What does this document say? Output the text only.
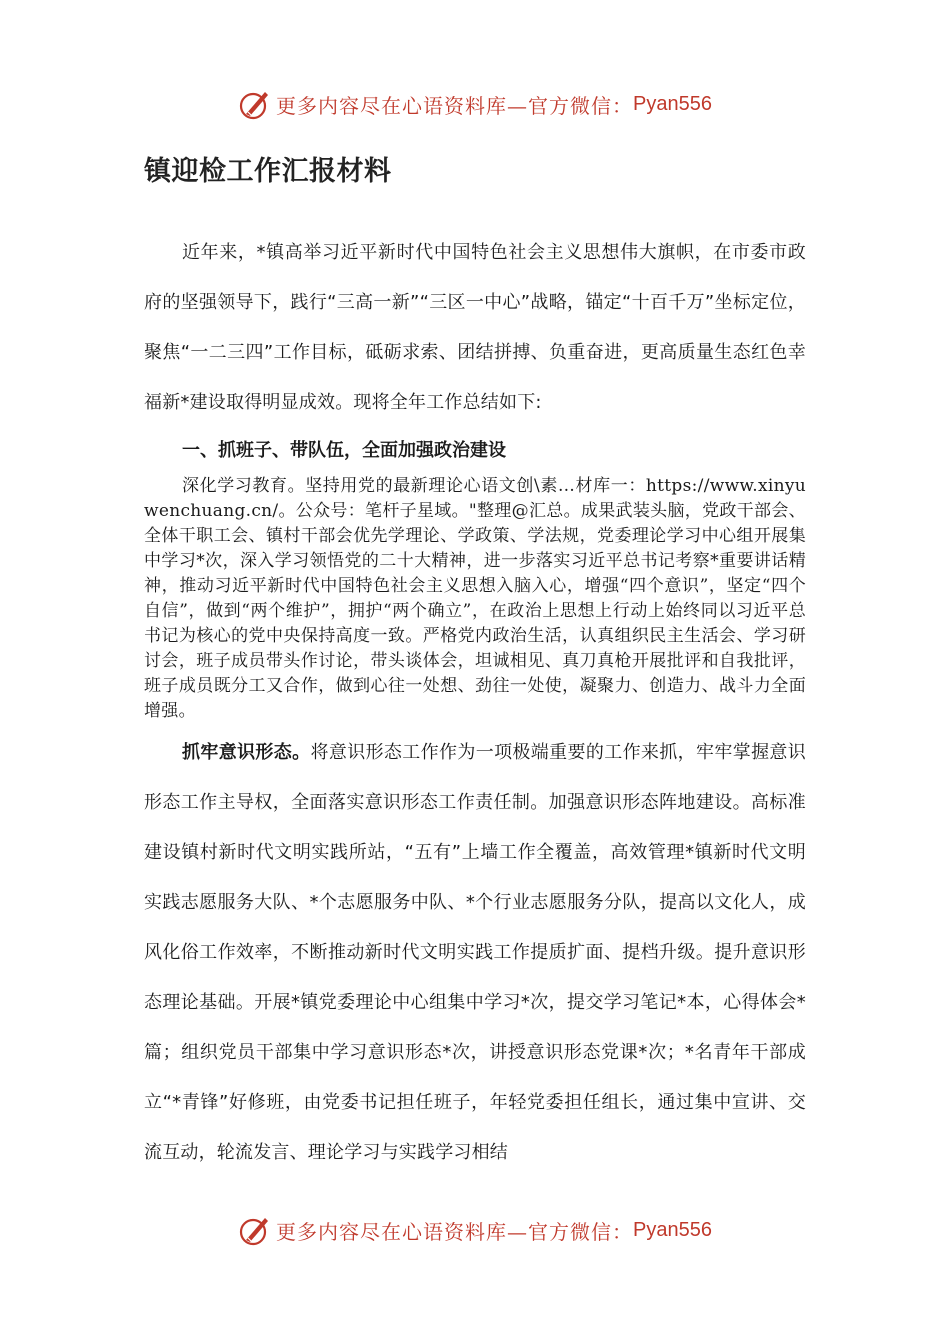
更多内容尽在心语资料库—官方微信： Pyan556
镇迎检工作汇报材料

近年来，*镇高举习近平新时代中国特色社会主义思想伟大旗帜，在市委市政府的坚强领导下，践行“三高一新”“三区一中心”战略，锚定“十百千万”坐标定位，聚焦“一二三四”工作目标，砥砺求索、团结拼搏、负重奋进，更高质量生态红色幸福新*建设取得明显成效。现将全年工作总结如下:

一、抓班子、带队伍，全面加强政治建设

深化学习教育。坚持用党的最新理论心语文创\素…材库一：https://www.xinyuwenchuang.cn/。公众号：笔杆子星域。"整理@汇总。成果武装头脑，党政干部会、全体干职工会、镇村干部会优先学理论、学政策、学法规，党委理论学习中心组开展集中学习*次，深入学习领悟党的二十大精神，进一步落实习近平总书记考察*重要讲话精神，推动习近平新时代中国特色社会主义思想入脑入心，增强“四个意识”，坚定“四个自信”，做到“两个维护”，拥护“两个确立”，在政治上思想上行动上始终同以习近平总书记为核心的党中央保持高度一致。严格党内政治生活，认真组织民主生活会、学习研讨会，班子成员带头作讨论，带头谈体会，坦诚相见、真刀真枪开展批评和自我批评，班子成员既分工又合作，做到心往一处想、劲往一处使，凝聚力、创造力、战斗力全面增强。

抓牢意识形态。将意识形态工作作为一项极端重要的工作来抓，牢牢掌握意识形态工作主导权，全面落实意识形态工作责任制。加强意识形态阵地建设。高标准建设镇村新时代文明实践所站，“五有”上墙工作全覆盖，高效管理*镇新时代文明实践志愿服务大队、*个志愿服务中队、*个行业志愿服务分队，提高以文化人，成风化俗工作效率，不断推动新时代文明实践工作提质扩面、提档升级。提升意识形态理论基础。开展*镇党委理论中心组集中学习*次，提交学习笔记*本，心得体会*篇；组织党员干部集中学习意识形态*次，讲授意识形态党课*次；*名青年干部成立“*青锋”好修班，由党委书记担任班子，年轻党委担任组长，通过集中宣讲、交流互动，轮流发言、理论学习与实践学习相结

更多内容尽在心语资料库—官方微信： Pyan556
